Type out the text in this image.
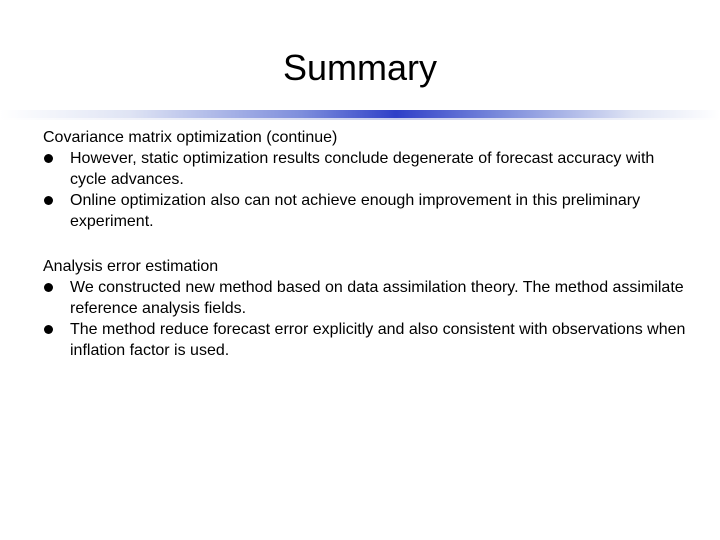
Summary

Covariance matrix optimization (continue)

However, static optimization results conclude degenerate of forecast accuracy with cycle advances.
Online optimization also can not achieve enough improvement in this preliminary experiment.

Analysis error estimation

We constructed new method based on data assimilation theory. The method assimilate reference analysis fields.
The method reduce forecast error explicitly and also consistent with observations when inflation factor is used.
